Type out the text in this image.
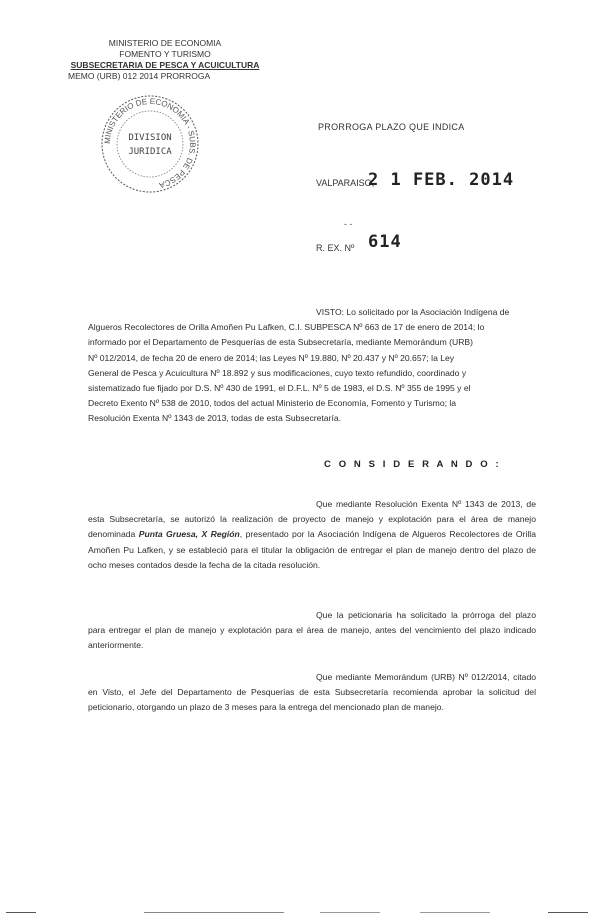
MINISTERIO DE ECONOMIA
FOMENTO Y TURISMO
SUBSECRETARIA DE PESCA Y ACUICULTURA
MEMO (URB) 012 2014 PRORROGA
MINISTERIO DE ECONOMIA - SUBS. DE PESCA
DIVISION
JURIDICA
PRORROGA PLAZO QUE INDICA
VALPARAISO,
2 1 FEB. 2014
- -
R. EX. Nº 614
VISTO: Lo solicitado por la Asociación Indígena de
Algueros Recolectores de Orilla Amoñen Pu Lafken, C.I. SUBPESCA Nº 663 de 17 de enero de 2014; lo
informado por el Departamento de Pesquerías de esta Subsecretaría, mediante Memorándum (URB)
Nº 012/2014, de fecha 20 de enero de 2014; las Leyes Nº 19.880, Nº 20.437 y Nº 20.657; la Ley
General de Pesca y Acuicultura Nº 18.892 y sus modificaciones, cuyo texto refundido, coordinado y
sistematizado fue fijado por D.S. Nº 430 de 1991, el D.F.L. Nº 5 de 1983, el D.S. Nº 355 de 1995 y el
Decreto Exento Nº 538 de 2010, todos del actual Ministerio de Economía, Fomento y Turismo; la
Resolución Exenta Nº 1343 de 2013, todas de esta Subsecretaría.
C O N S I D E R A N D O :
Que mediante Resolución Exenta Nº 1343 de 2013, de esta Subsecretaría, se autorizó la realización de proyecto de manejo y explotación para el área de manejo denominada Punta Gruesa, X Región, presentado por la Asociación Indígena de Algueros Recolectores de Orilla Amoñen Pu Lafken, y se estableció para el titular la obligación de entregar el plan de manejo dentro del plazo de ocho meses contados desde la fecha de la citada resolución.
Que la peticionaria ha solicitado la prórroga del plazo para entregar el plan de manejo y explotación para el área de manejo, antes del vencimiento del plazo indicado anteriormente.
Que mediante Memorándum (URB) Nº 012/2014, citado en Visto, el Jefe del Departamento de Pesquerías de esta Subsecretaría recomienda aprobar la solicitud del peticionario, otorgando un plazo de 3 meses para la entrega del mencionado plan de manejo.
